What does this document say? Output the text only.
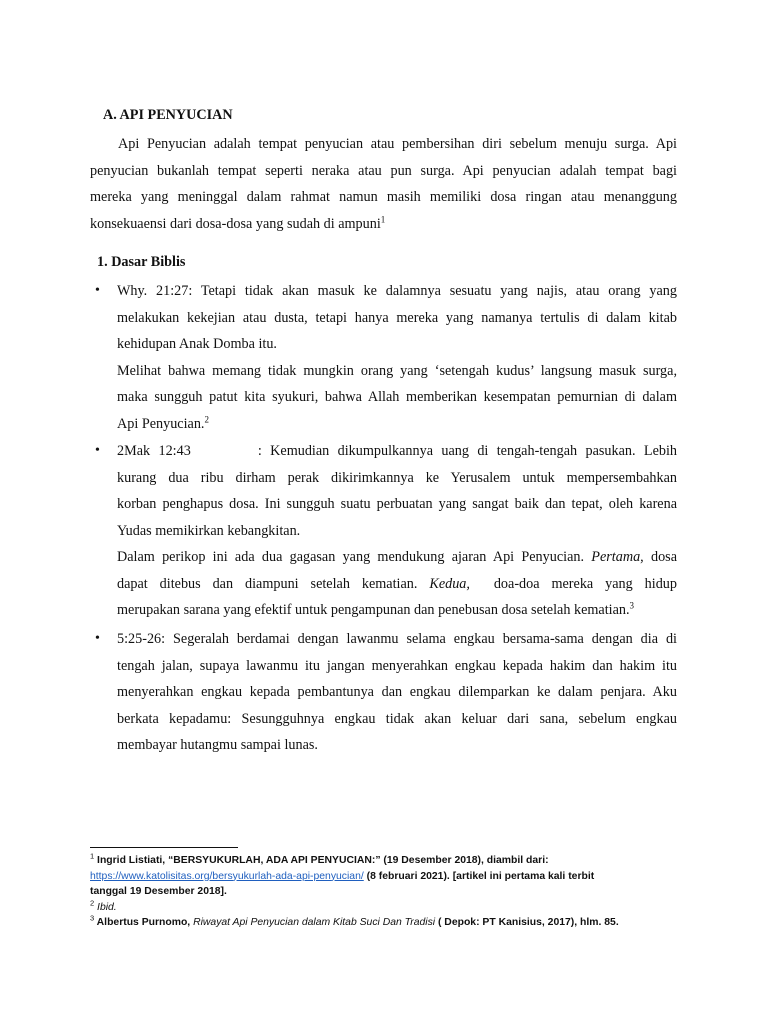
A. API PENYUCIAN
Api Penyucian adalah tempat penyucian atau pembersihan diri sebelum menuju surga. Api
penyucian bukanlah tempat seperti neraka atau pun surga. Api penyucian adalah tempat bagi
mereka yang meninggal dalam rahmat namun masih memiliki dosa ringan atau menanggung
konsekuaensi dari dosa-dosa yang sudah di ampuni$^1$
1. Dasar Biblis
• Why. 21:27: Tetapi tidak akan masuk ke dalamnya sesuatu yang najis, atau orang yang
melakukan kekejian atau dusta, tetapi hanya mereka yang namanya tertulis di dalam kitab
kehidupan Anak Domba itu.
Melihat bahwa memang tidak mungkin orang yang ‘setengah kudus’ langsung masuk surga,
maka sungguh patut kita syukuri, bahwa Allah memberikan kesempatan pemurnian di dalam
Api Penyucian.$^2$
• 2Mak 12:43        : Kemudian dikumpulkannya uang di tengah-tengah pasukan. Lebih
kurang dua ribu dirham perak dikirimkannya ke Yerusalem untuk mempersembahkan
korban penghapus dosa. Ini sungguh suatu perbuatan yang sangat baik dan tepat, oleh karena
Yudas memikirkan kebangkitan.
Dalam perikop ini ada dua gagasan yang mendukung ajaran Api Penyucian. Pertama, dosa
dapat ditebus dan diampuni setelah kematian. Kedua,  doa-doa mereka yang hidup
merupakan sarana yang efektif untuk pengampunan dan penebusan dosa setelah kematian.$^3$
• 5:25-26: Segeralah berdamai dengan lawanmu selama engkau bersama-sama dengan dia di
tengah jalan, supaya lawanmu itu jangan menyerahkan engkau kepada hakim dan hakim itu
menyerahkan engkau kepada pembantunya dan engkau dilemparkan ke dalam penjara. Aku
berkata kepadamu: Sesungguhnya engkau tidak akan keluar dari sana, sebelum engkau
membayar hutangmu sampai lunas.
$^1$ Ingrid Listiati, “BERSYUKURLAH, ADA API PENYUCIAN:” (19 Desember 2018), diambil dari:
https://www.katolisitas.org/bersyukurlah-ada-api-penyucian/ (8 februari 2021). [artikel ini pertama kali terbit
tanggal 19 Desember 2018].
$^2$ Ibid.
$^3$ Albertus Purnomo, Riwayat Api Penyucian dalam Kitab Suci Dan Tradisi ( Depok: PT Kanisius, 2017), hlm. 85.
